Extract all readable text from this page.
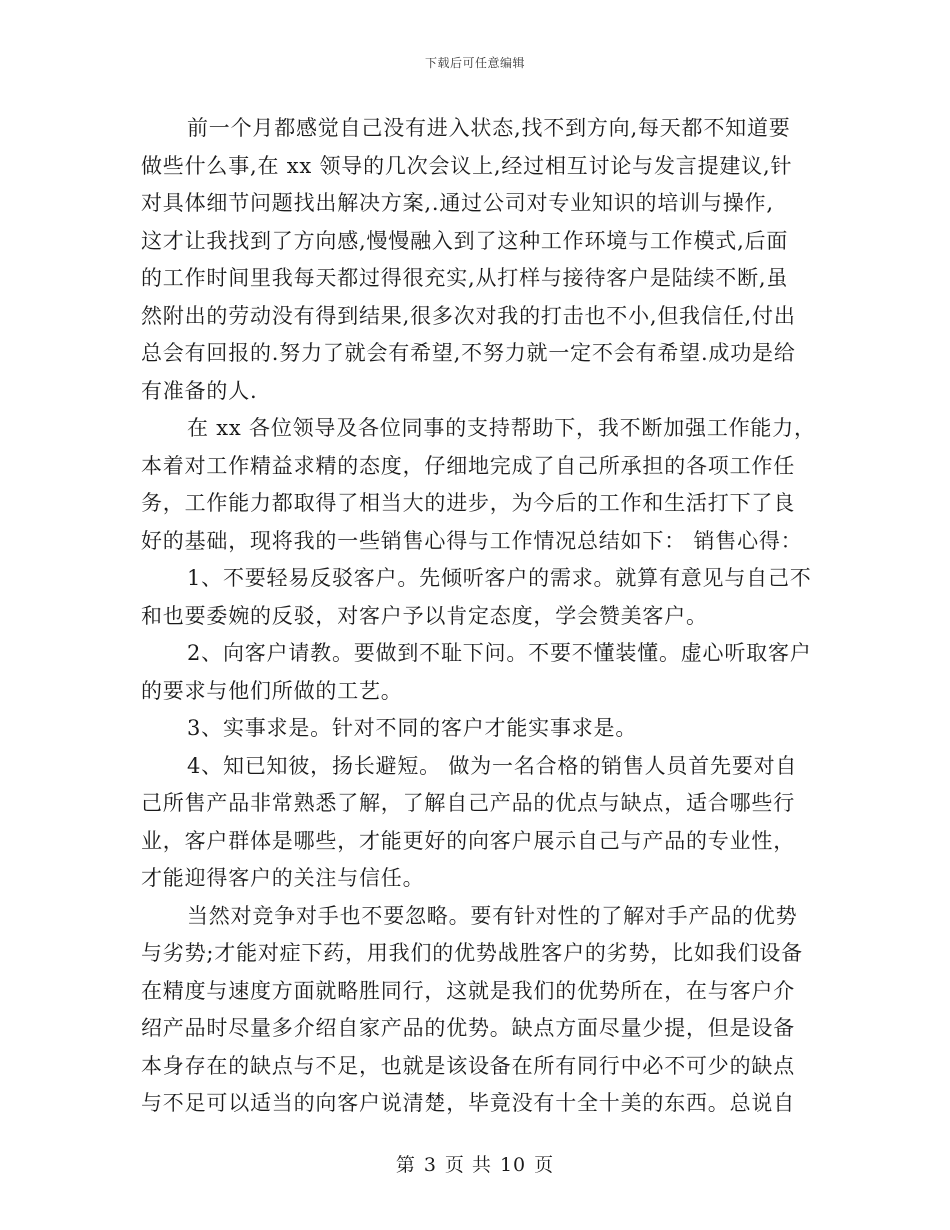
下载后可任意编辑
前一个月都感觉自己没有进入状态,找不到方向,每天都不知道要
做些什么事,在 xx 领导的几次会议上,经过相互讨论与发言提建议,针
对具体细节问题找出解决方案,.通过公司对专业知识的培训与操作,
这才让我找到了方向感,慢慢融入到了这种工作环境与工作模式,后面
的工作时间里我每天都过得很充实,从打样与接待客户是陆续不断,虽
然附出的劳动没有得到结果,很多次对我的打击也不小,但我信任,付出
总会有回报的.努力了就会有希望,不努力就一定不会有希望.成功是给
有准备的人.
在 xx 各位领导及各位同事的支持帮助下，我不断加强工作能力，
本着对工作精益求精的态度，仔细地完成了自己所承担的各项工作任
务，工作能力都取得了相当大的进步，为今后的工作和生活打下了良
好的基础，现将我的一些销售心得与工作情况总结如下： 销售心得：
1、不要轻易反驳客户。先倾听客户的需求。就算有意见与自己不
和也要委婉的反驳，对客户予以肯定态度，学会赞美客户。
2、向客户请教。要做到不耻下问。不要不懂装懂。虚心听取客户
的要求与他们所做的工艺。
3、实事求是。针对不同的客户才能实事求是。
4、知已知彼，扬长避短。 做为一名合格的销售人员首先要对自
己所售产品非常熟悉了解，了解自己产品的优点与缺点，适合哪些行
业，客户群体是哪些，才能更好的向客户展示自己与产品的专业性，
才能迎得客户的关注与信任。
当然对竞争对手也不要忽略。要有针对性的了解对手产品的优势
与劣势;才能对症下药，用我们的优势战胜客户的劣势，比如我们设备
在精度与速度方面就略胜同行，这就是我们的优势所在，在与客户介
绍产品时尽量多介绍自家产品的优势。缺点方面尽量少提，但是设备
本身存在的缺点与不足，也就是该设备在所有同行中必不可少的缺点
与不足可以适当的向客户说清楚，毕竟没有十全十美的东西。总说自
第 3 页 共 10 页
